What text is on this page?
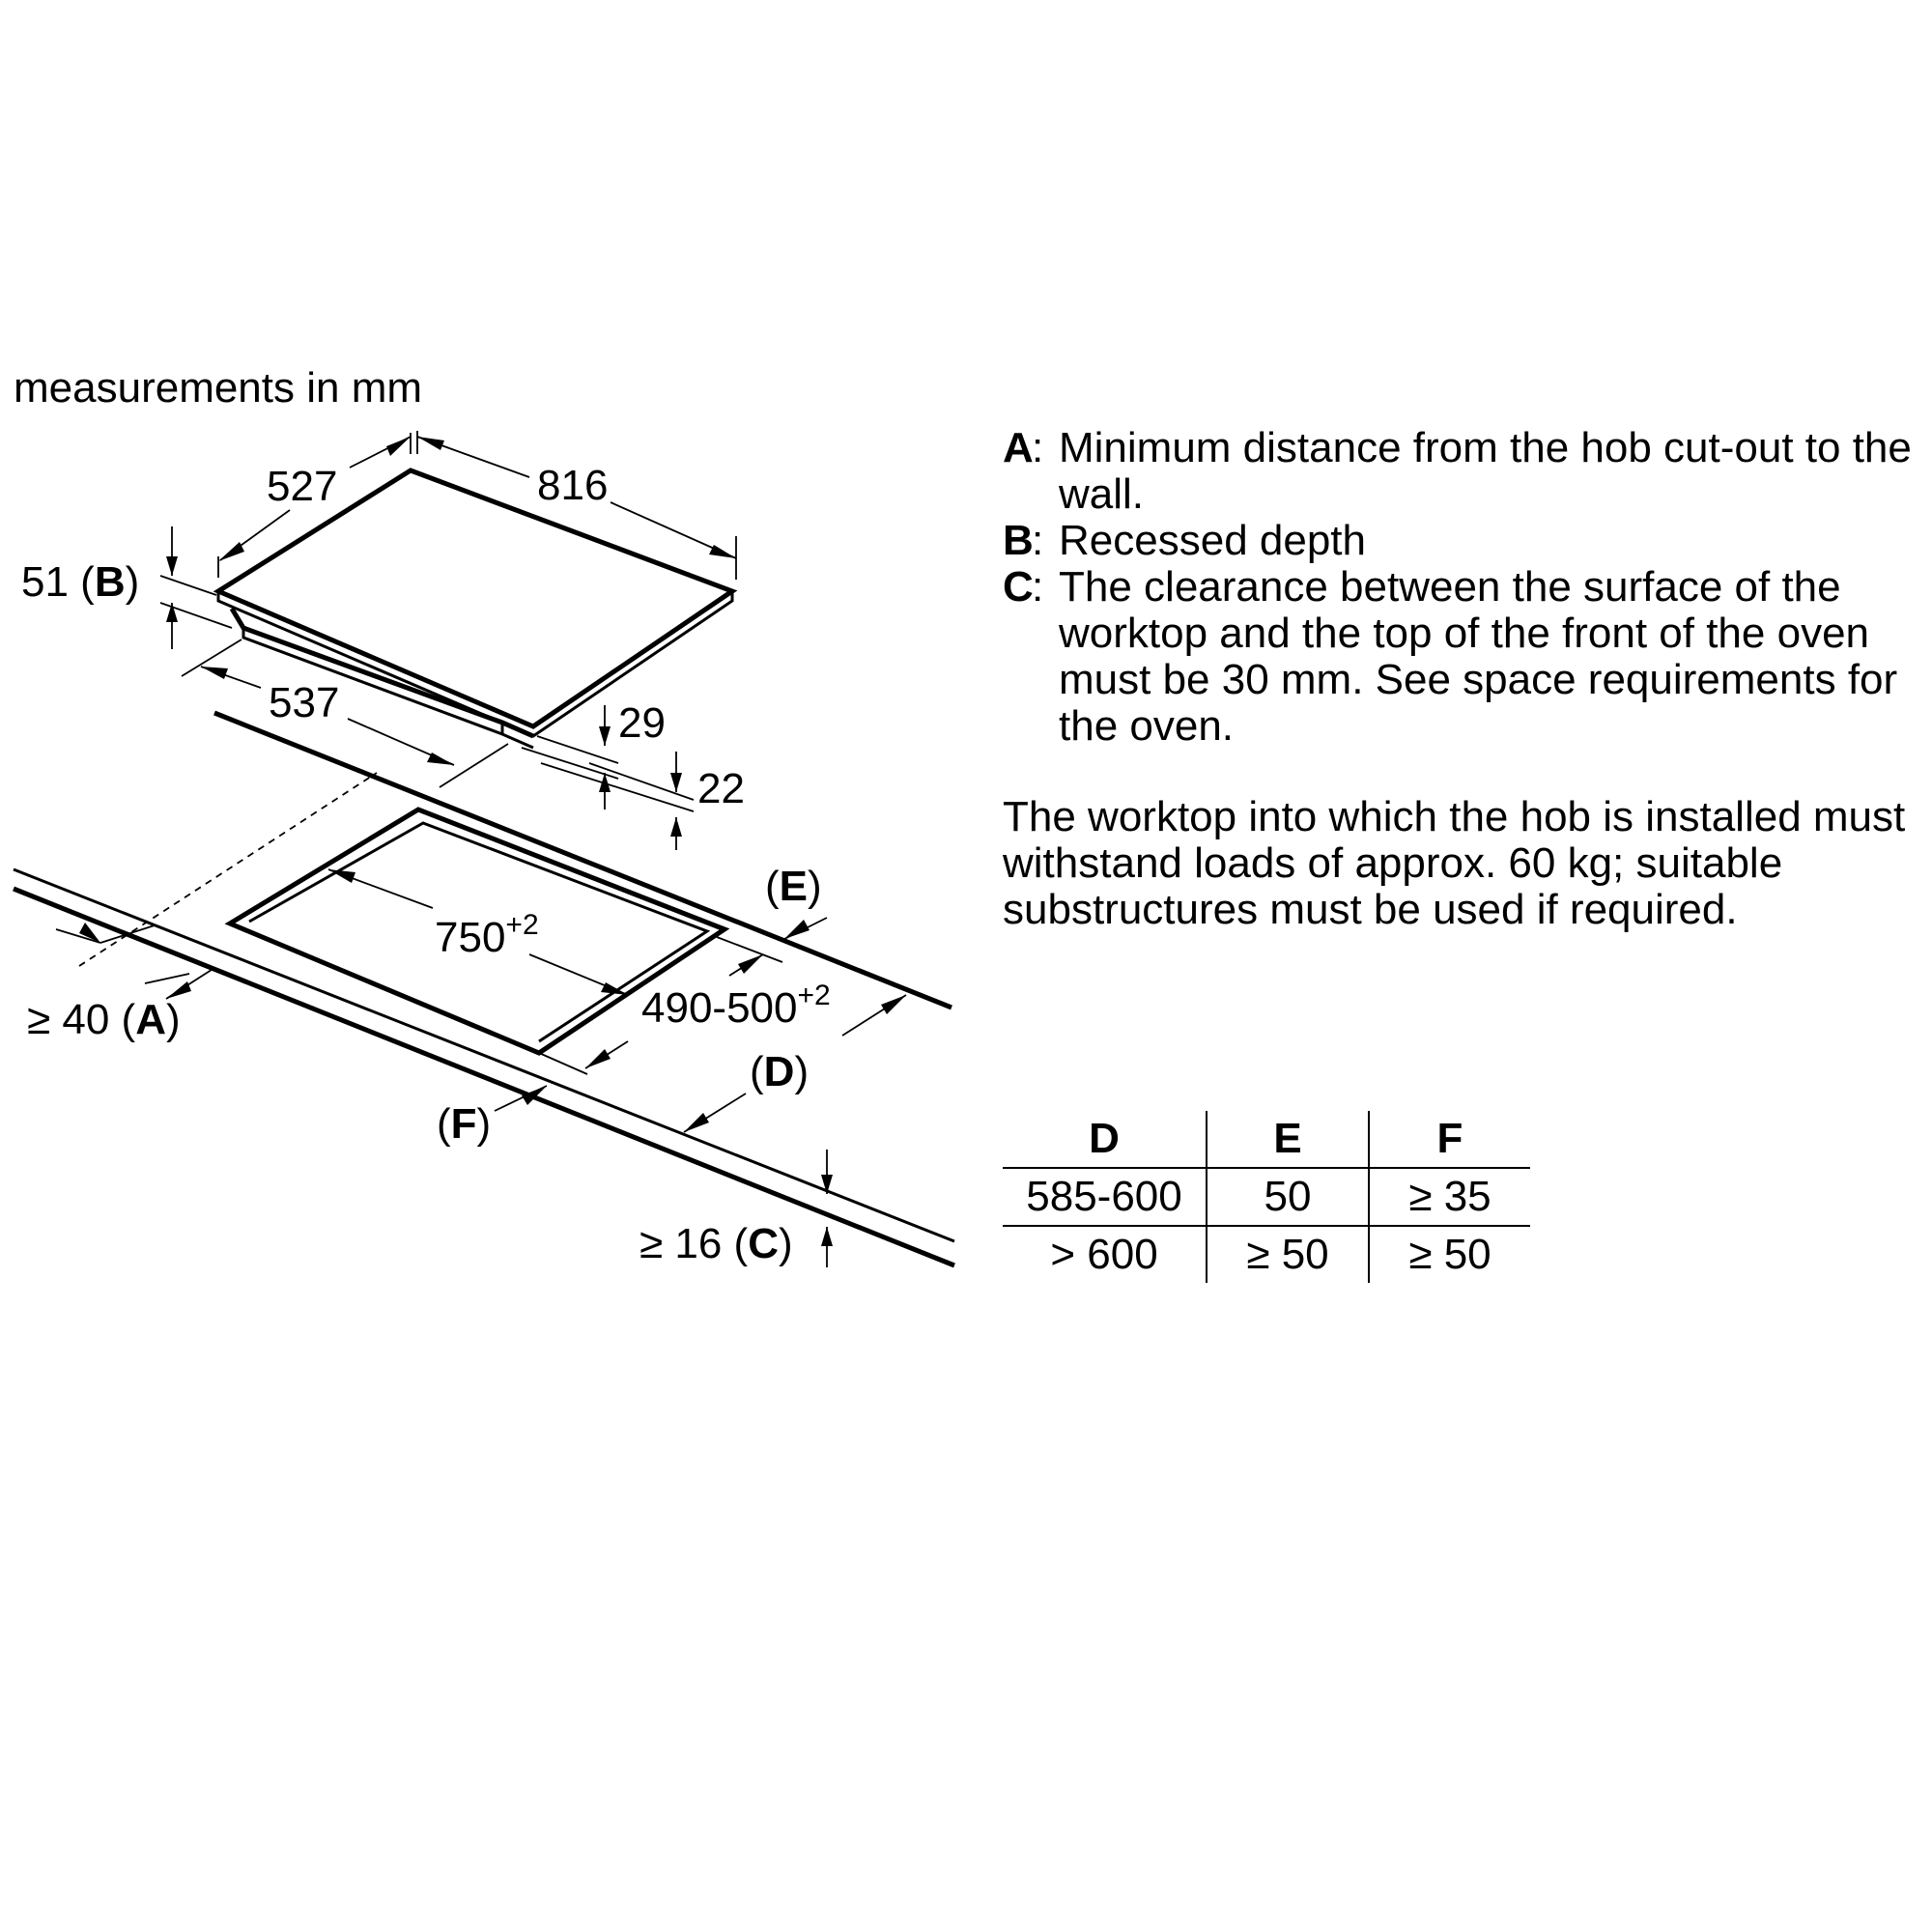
measurements in mm
527	816
51 (B)
537	29
22
$750^{+2}$
$490-500^{+2}$
(E)
(D)
(F)
≥ 40 (A)
≥ 16 (C)
A
: Minimum distance from the hob cut-out to the wall.
B
: Recessed depth
C
: The clearance between the surface of the worktop and the top of the front of the oven must be 30 mm. See space requirements for the oven.
The worktop into which the hob is installed must withstand loads of approx. 60 kg; suitable substructures must be used if required.
D	E	F
585-600	50	≥ 35
> 600	≥ 50	≥ 50
